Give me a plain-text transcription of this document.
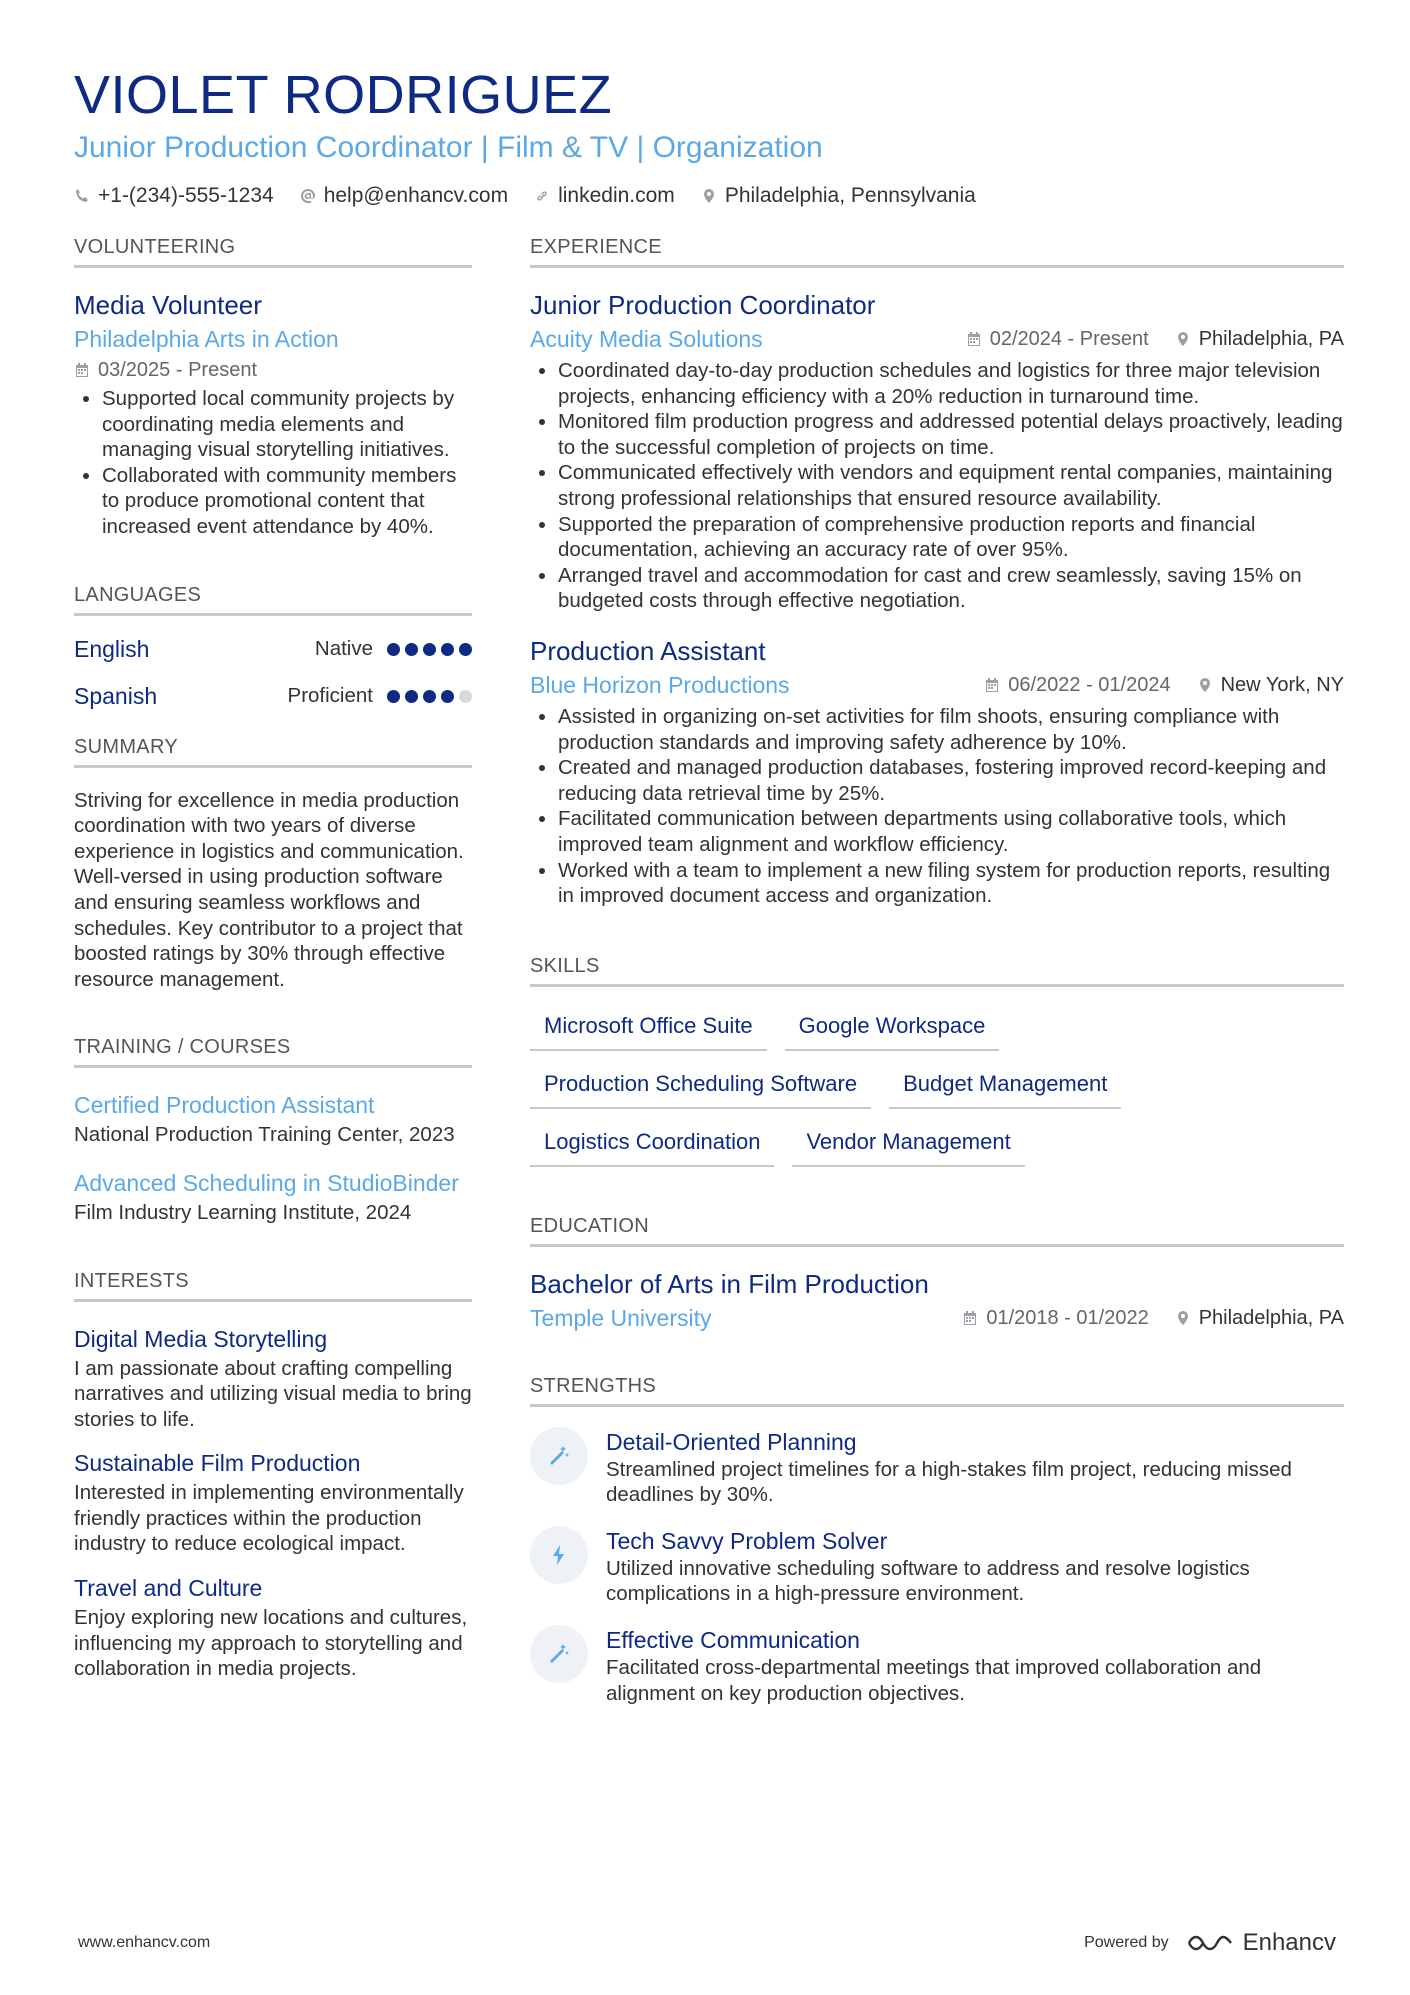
VIOLET RODRIGUEZ
Junior Production Coordinator | Film & TV | Organization
+1-(234)-555-1234 help@enhancv.com linkedin.com Philadelphia, Pennsylvania
VOLUNTEERING
Media Volunteer
Philadelphia Arts in Action
03/2025 - Present
• Supported local community projects by coordinating media elements and managing visual storytelling initiatives.
• Collaborated with community members to produce promotional content that increased event attendance by 40%.
LANGUAGES
English	Native
Spanish	Proficient
SUMMARY

Striving for excellence in media production coordination with two years of diverse experience in logistics and communication. Well-versed in using production software and ensuring seamless workflows and schedules. Key contributor to a project that boosted ratings by 30% through effective resource management.

TRAINING / COURSES
Certified Production Assistant

National Production Training Center, 2023

Advanced Scheduling in StudioBinder

Film Industry Learning Institute, 2024

INTERESTS
Digital Media Storytelling

I am passionate about crafting compelling narratives and utilizing visual media to bring stories to life.

Sustainable Film Production

Interested in implementing environmentally friendly practices within the production industry to reduce ecological impact.

Travel and Culture

Enjoy exploring new locations and cultures, influencing my approach to storytelling and collaboration in media projects.

EXPERIENCE
Junior Production Coordinator
Acuity Media Solutions	02/2024 - Present	Philadelphia, PA
• Coordinated day-to-day production schedules and logistics for three major television projects, enhancing efficiency with a 20% reduction in turnaround time.
• Monitored film production progress and addressed potential delays proactively, leading to the successful completion of projects on time.
• Communicated effectively with vendors and equipment rental companies, maintaining strong professional relationships that ensured resource availability.
• Supported the preparation of comprehensive production reports and financial documentation, achieving an accuracy rate of over 95%.
• Arranged travel and accommodation for cast and crew seamlessly, saving 15% on budgeted costs through effective negotiation.
Production Assistant
Blue Horizon Productions	06/2022 - 01/2024	New York, NY
• Assisted in organizing on-set activities for film shoots, ensuring compliance with production standards and improving safety adherence by 10%.
• Created and managed production databases, fostering improved record-keeping and reducing data retrieval time by 25%.
• Facilitated communication between departments using collaborative tools, which improved team alignment and workflow efficiency.
• Worked with a team to implement a new filing system for production reports, resulting in improved document access and organization.
SKILLS
Microsoft Office Suite	Google Workspace
Production Scheduling Software	Budget Management
Logistics Coordination	Vendor Management
EDUCATION
Bachelor of Arts in Film Production
Temple University	01/2018 - 01/2022	Philadelphia, PA
STRENGTHS
Detail-Oriented Planning

Streamlined project timelines for a high-stakes film project, reducing missed deadlines by 30%.

Tech Savvy Problem Solver

Utilized innovative scheduling software to address and resolve logistics complications in a high-pressure environment.

Effective Communication

Facilitated cross-departmental meetings that improved collaboration and alignment on key production objectives.

www.enhancv.com	Powered by	Enhancv
